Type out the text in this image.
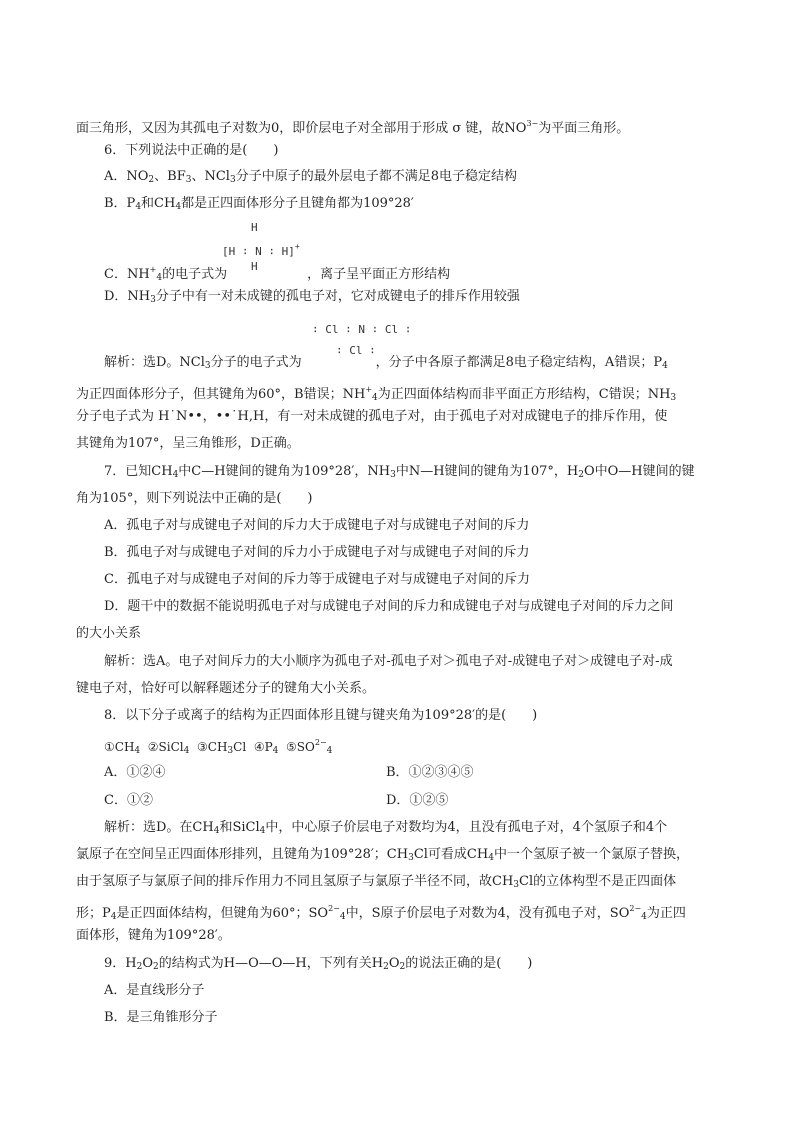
面三角形，又因为其孤电子对数为0，即价层电子对全部用于形成 σ 键，故$NO^{3-}$为平面三角形。
6．下列说法中正确的是(　　)
A．$NO_2$、$BF_3$、NCl$_3$分子中原子的最外层电子都不满足8电子稳定结构
B．$P_4$和$CH_4$都是正四面体形分子且键角都为109°28′
H
[H ∶ N ∶ H]+
H
C．$NH^+_4$的电子式为	，离子呈平面正方形结构
D．$NH_3$分子中有一对未成键的孤电子对，它对成键电子的排斥作用较强
∶ Cl ∶ N ∶ Cl ∶
∶ Cl ∶
解析：选D。NCl$_3$分子的电子式为	，分子中各原子都满足8电子稳定结构，A错误；$P_4$
为正四面体形分子，但其键角为60°，B错误；$NH^+_4$为正四面体结构而非平面正方形结构，C错误；$NH_3$
分子电子式为 H˙N••，••˙H,H，有一对未成键的孤电子对，由于孤电子对对成键电子的排斥作用，使
其键角为107°，呈三角锥形，D正确。
7．已知$CH_4$中C—H键间的键角为109°28′，$NH_3$中N—H键间的键角为107°，$H_2O$中O—H键间的键
角为105°，则下列说法中正确的是(　　)
A．孤电子对与成键电子对间的斥力大于成键电子对与成键电子对间的斥力
B．孤电子对与成键电子对间的斥力小于成键电子对与成键电子对间的斥力
C．孤电子对与成键电子对间的斥力等于成键电子对与成键电子对间的斥力
D．题干中的数据不能说明孤电子对与成键电子对间的斥力和成键电子对与成键电子对间的斥力之间
的大小关系
解析：选A。电子对间斥力的大小顺序为孤电子对-孤电子对＞孤电子对-成键电子对＞成键电子对-成
键电子对，恰好可以解释题述分子的键角大小关系。
8．以下分子或离子的结构为正四面体形且键与键夹角为109°28′的是(　　)
$①CH_4$ ②SiCl$_4$ $③CH_3Cl$ $④P_4$ $⑤SO^{2-}_4$
A．①②④	B．①②③④⑤
C．①②	D．①②⑤
解析：选D。在$CH_4$和SiCl$_4$中，中心原子价层电子对数均为4，且没有孤电子对，4个氢原子和4个
氯原子在空间呈正四面体形排列，且键角为109°28′；$CH_3Cl$可看成$CH_4$中一个氢原子被一个氯原子替换，
由于氢原子与氯原子间的排斥作用力不同且氢原子与氯原子半径不同，故$CH_3Cl$的立体构型不是正四面体
形；$P_4$是正四面体结构，但键角为60°；$SO^{2-}_4$中，S原子价层电子对数为4，没有孤电子对，$SO^{2-}_4$为正四
面体形，键角为109°28′。
9．$H_2O_2$的结构式为H—O—O—H，下列有关$H_2O_2$的说法正确的是(　　)
A．是直线形分子
B．是三角锥形分子
